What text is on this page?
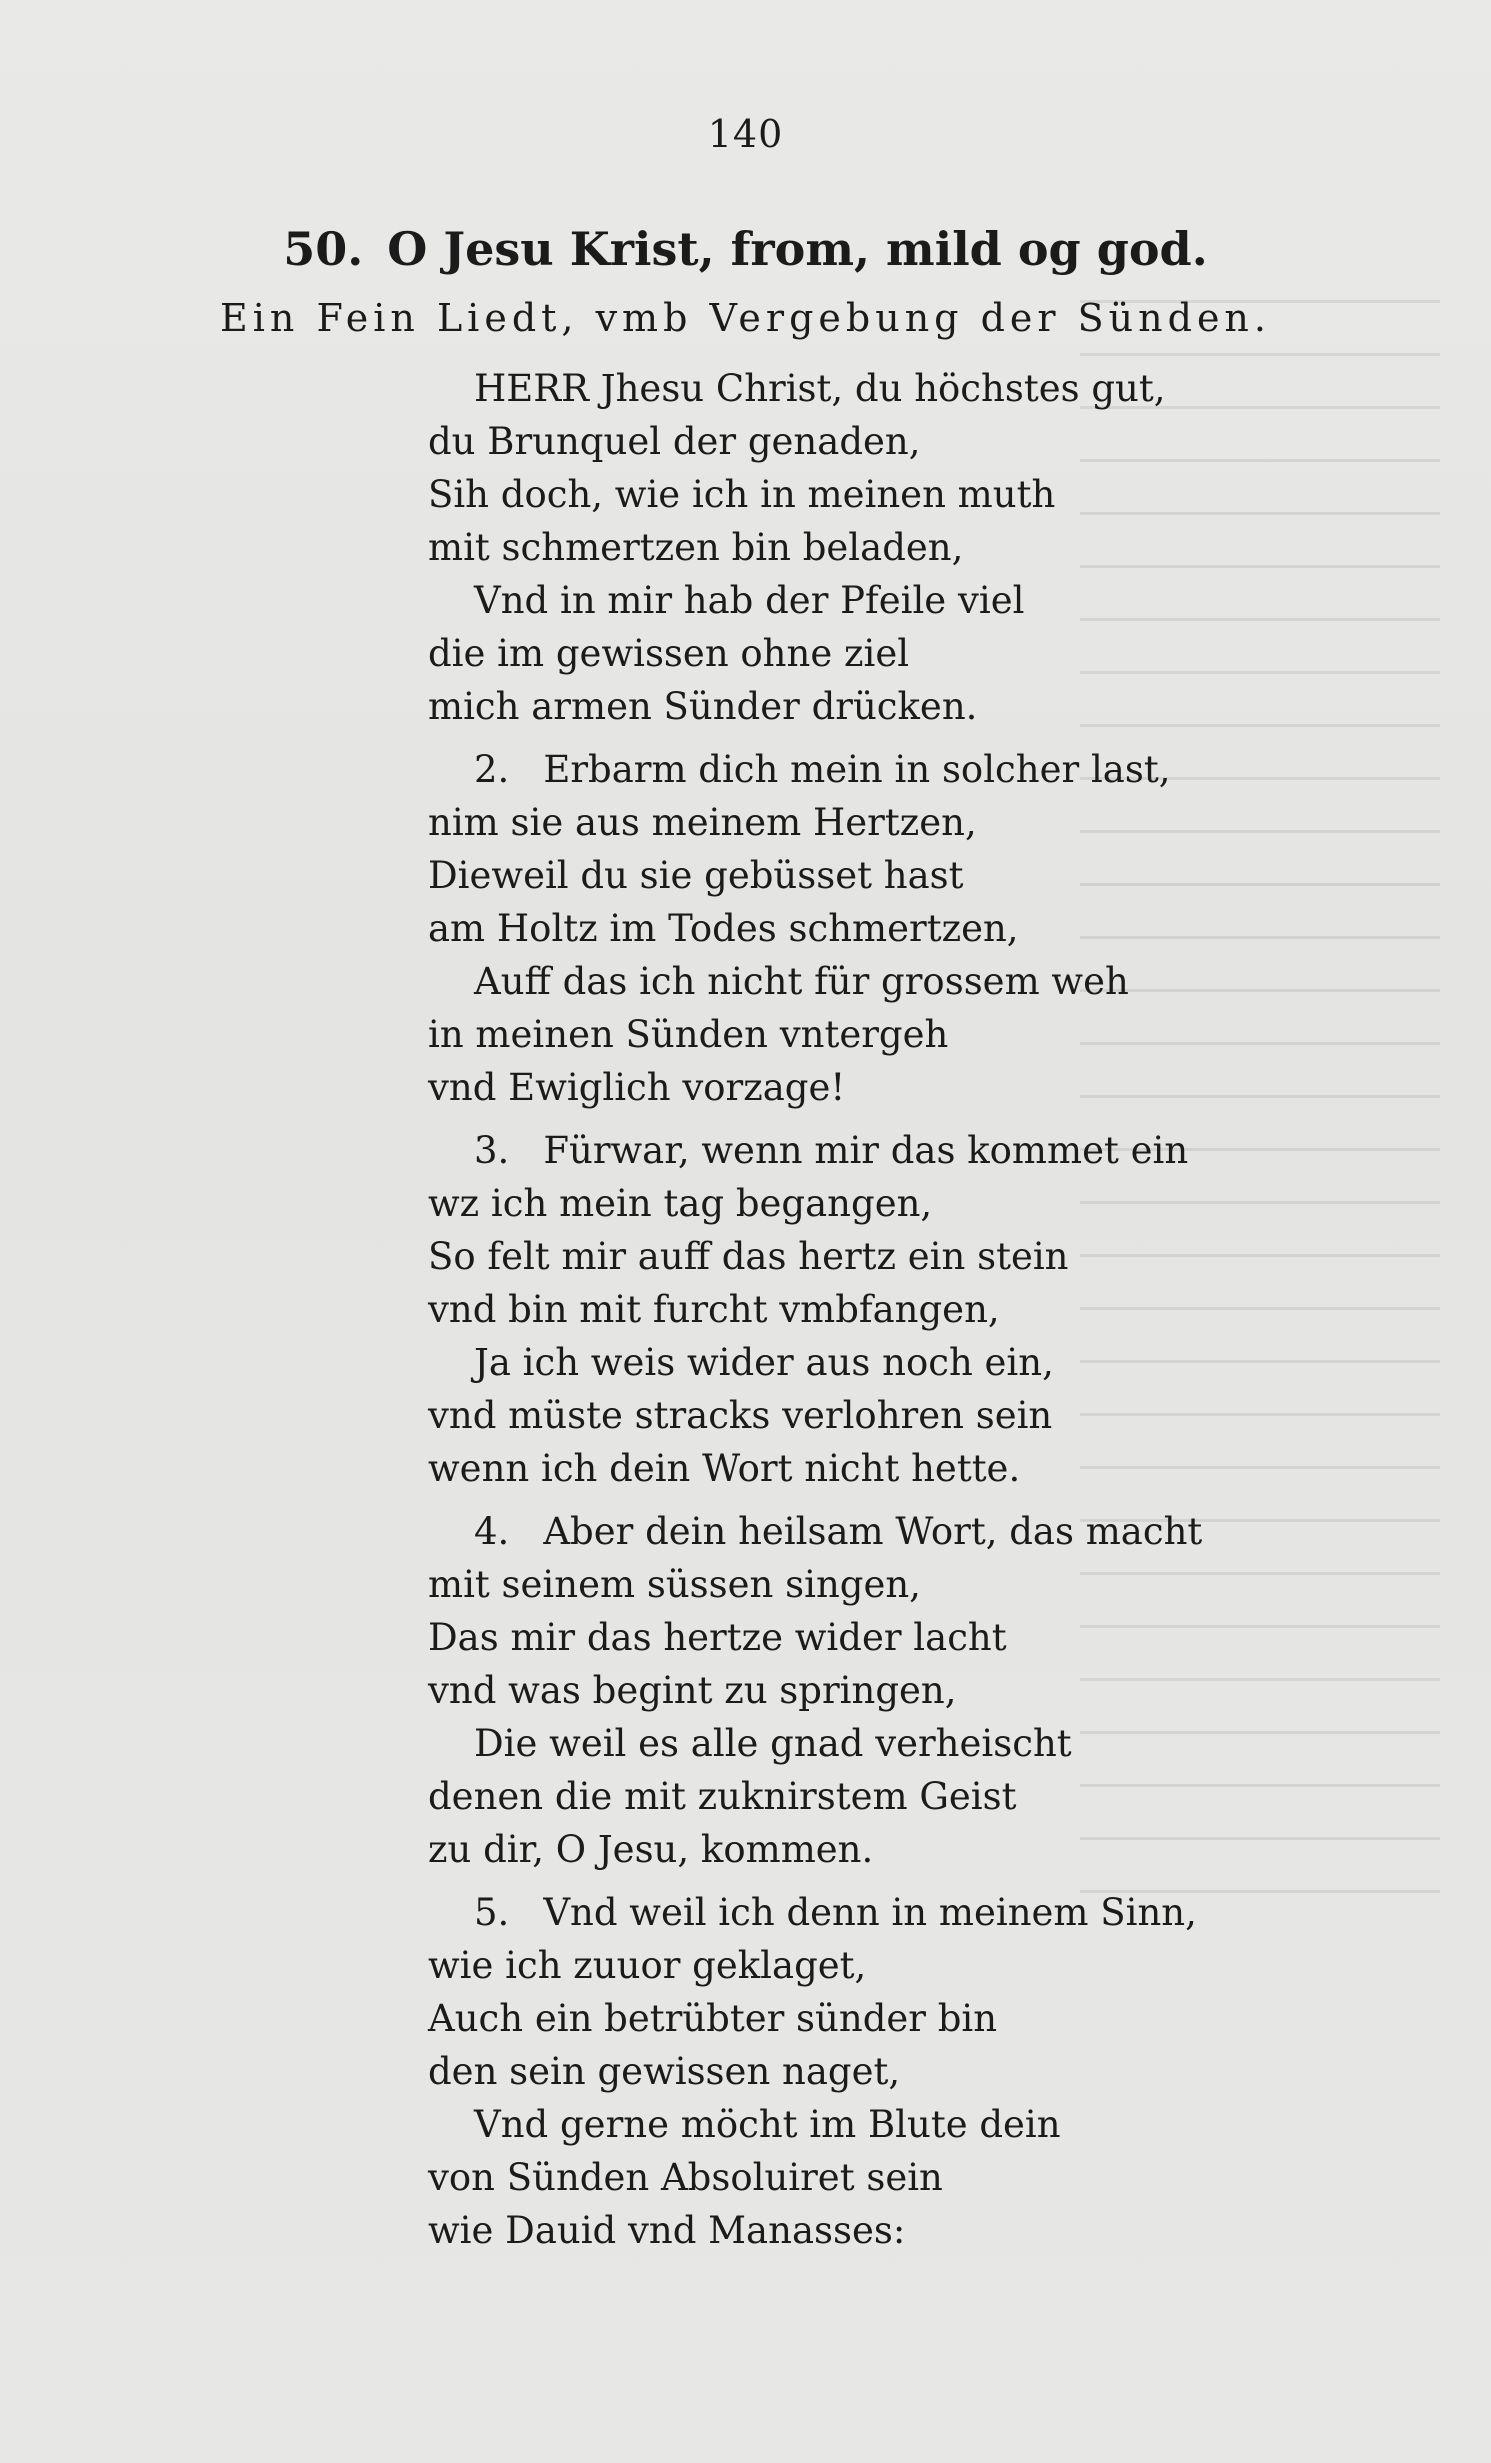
140
50. O Jesu Krist, from, mild og god.
Ein Fein Liedt, vmb Vergebung der Sünden.
HERR Jhesu Christ, du höchstes gut,
du Brunquel der genaden,
Sih doch, wie ich in meinen muth
mit schmertzen bin beladen,
Vnd in mir hab der Pfeile viel
die im gewissen ohne ziel
mich armen Sünder drücken.
2. Erbarm dich mein in solcher last,
nim sie aus meinem Hertzen,
Dieweil du sie gebüsset hast
am Holtz im Todes schmertzen,
Auff das ich nicht für grossem weh
in meinen Sünden vntergeh
vnd Ewiglich vorzage!
3. Fürwar, wenn mir das kommet ein
wz ich mein tag begangen,
So felt mir auff das hertz ein stein
vnd bin mit furcht vmbfangen,
Ja ich weis wider aus noch ein,
vnd müste stracks verlohren sein
wenn ich dein Wort nicht hette.
4. Aber dein heilsam Wort, das macht
mit seinem süssen singen,
Das mir das hertze wider lacht
vnd was begint zu springen,
Die weil es alle gnad verheischt
denen die mit zuknirstem Geist
zu dir, O Jesu, kommen.
5. Vnd weil ich denn in meinem Sinn,
wie ich zuuor geklaget,
Auch ein betrübter sünder bin
den sein gewissen naget,
Vnd gerne möcht im Blute dein
von Sünden Absoluiret sein
wie Dauid vnd Manasses:
